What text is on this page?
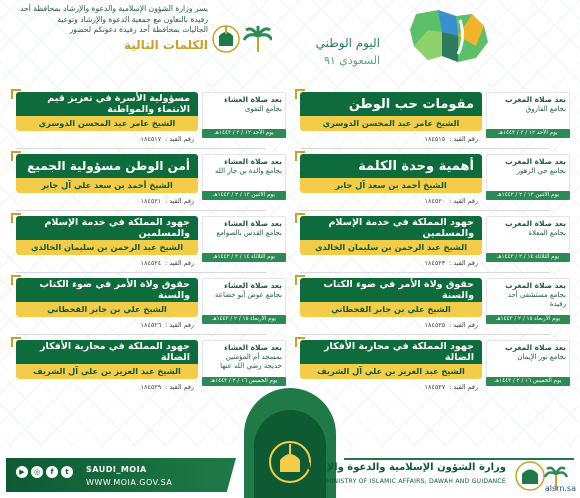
اليوم الوطني
السعودي ٩١
يسر وزارة الشؤون الإسلامية والدعوة والإرشاد بمحافظة أحد
رفيدة بالتعاون مع جمعية الدعوة والإرشاد وتوعية
الجاليات بمحافظة أحد رفيدة دعوتكم لحضور
الكلمات التالية
مقومات حب الوطن
الشيخ عامر عبد المحسن الدوسري
رقم القيد :١٨٤٥١٥
بعد صلاة المغرب
بجامع الفاروق
يوم الأحد ١٢ / ٢ / ١٤٤٣هـ
مسؤولية الأسرة في تعزيز قيم الانتماء والمواطنة
الشيخ عامر عبد المحسن الدوسري
رقم القيد :١٨٤٥١٧
بعد صلاة العشاء
بجامع التقوى
يوم الأحد ١٢ / ٢ / ١٤٤٣هـ
أهمية وحدة الكلمة
الشيخ أحمد بن سعد آل جابر
رقم القيد :١٨٤٥٢٠
بعد صلاة المغرب
بجامع حي الزهور
يوم الاثنين ١٣ / ٢ / ١٤٤٣هـ
أمن الوطن مسؤولية الجميع
الشيخ أحمد بن سعد علي آل جابر
رقم القيد :١٨٤٥٢١
بعد صلاة العشاء
بجامع والدة بن جار الله
يوم الاثنين ١٣ / ٢ / ١٤٤٣هـ
جهود المملكة في خدمة الإسلام والمسلمين
الشيخ عبد الرحمن بن سليمان الخالدي
رقم القيد :١٨٤٥٢٣
بعد صلاة المغرب
بجامع المعلاة
يوم الثلاثاء ١٤ / ٢ / ١٤٤٣هـ
جهود المملكة في خدمة الإسلام والمسلمين
الشيخ عبد الرحمن بن سليمان الخالدي
رقم القيد :١٨٤٥٢٤
بعد صلاة العشاء
بجامع القدس بالصوامع
يوم الثلاثاء ١٤ / ٢ / ١٤٤٣هـ
حقوق ولاة الأمر في ضوء الكتاب والسنة
الشيخ علي بن جابر القحطاني
رقم القيد :١٨٤٥٢٥
بعد صلاة المغرب
بجامع مستشفى أحد رفيدة
يوم الأربعاء ١٥ / ٢ / ١٤٤٣هـ
حقوق ولاة الأمر في ضوء الكتاب والسنة
الشيخ علي بن جابر القحطاني
رقم القيد :١٨٤٥٢٦
بعد صلاة العشاء
بجامع عوض أبو خضاعة
يوم الأربعاء ١٥ / ٢ / ١٤٤٣هـ
جهود المملكة في محاربة الأفكار الضالة
الشيخ عبد العزيز بن علي آل الشريف
رقم القيد :١٨٤٥٢٧
بعد صلاة المغرب
بجامع نور الإيمان
يوم الخميس ١٦ / ٢ / ١٤٤٣هـ
جهود المملكة في محاربة الأفكار الضالة
الشيخ عبد العزيز بن علي آل الشريف
رقم القيد :١٨٤٥٢٩
بعد صلاة العشاء
بمسجد أم المؤمنين خديجة رضي الله عنها
يوم الخميس ١٦ / ٢ / ١٤٤٣هـ
▶	◎	f	t	SAUDI_MOIA
WWW.MOIA.GOV.SA
وزارة الشؤون الإسلامية والدعوة والإرشاد
MINISTRY OF ISLAMIC AFFAIRS, DAWAH AND GUIDANCE
alsrn.sa
